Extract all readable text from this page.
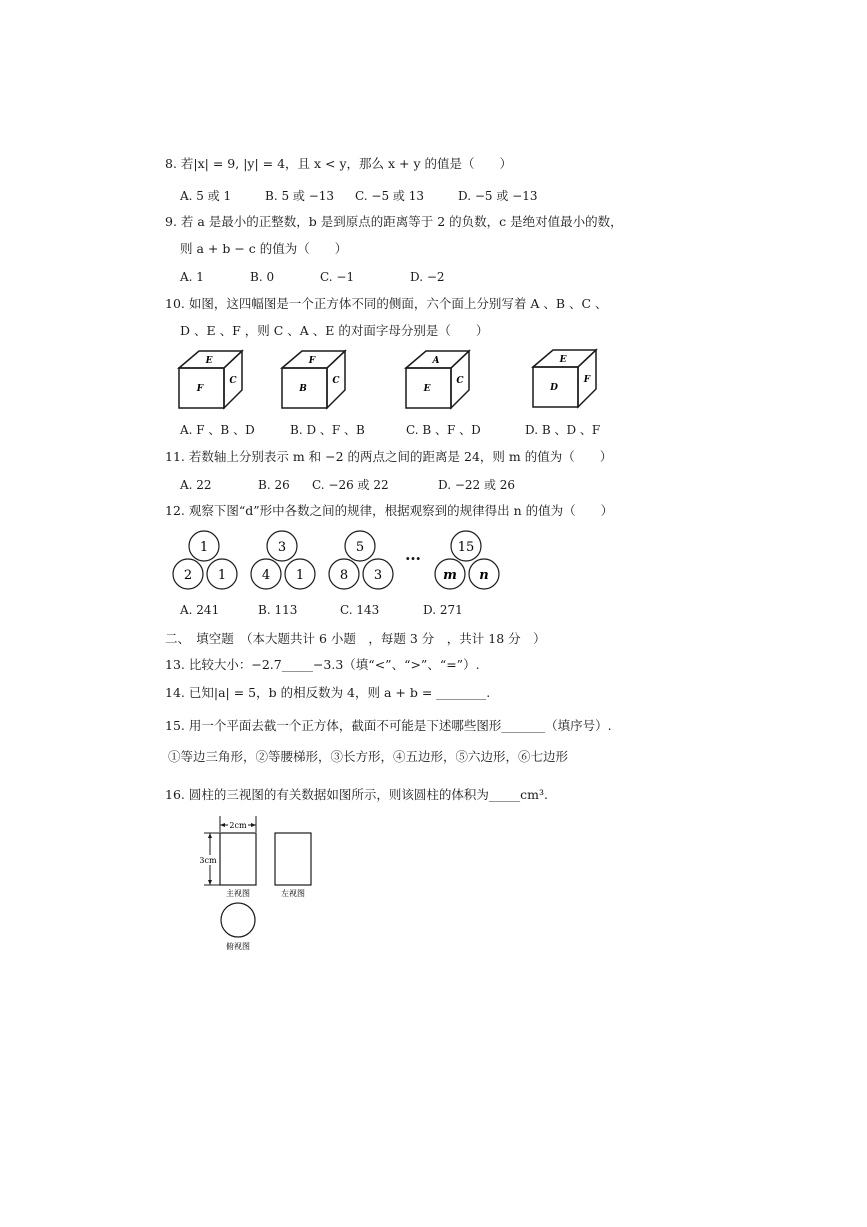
8. 若|x| = 9, |y| = 4，且 x < y，那么 x + y 的值是（　　）
A. 5 或 1	B. 5 或 −13 C. −5 或 13	D. −5 或 −13
9. 若 a 是最小的正整数，b 是到原点的距离等于 2 的负数，c 是绝对值最小的数，
则 a + b − c 的值为（　　）
A. 1	B. 0	C. −1	D. −2
10. 如图，这四幅图是一个正方体不同的侧面，六个面上分别写着 A 、B 、C 、
D 、E 、F ，则 C 、A 、E 的对面字母分别是（　　）
E
F
C
F
B
C
A
E
C
E
D
F
A. F 、B 、D	B. D 、F 、B	C. B 、F 、D	D. B 、D 、F
11. 若数轴上分别表示 m 和 −2 的两点之间的距离是 24，则 m 的值为（　　）
A. 22	B. 26 C. −26 或 22	D. −22 或 26
12. 观察下图“d”形中各数之间的规律，根据观察到的规律得出 n 的值为（　　）
1
2 1
3
4 1
5
8 3
…	15
m n
A. 241	B. 113	C. 143	D. 271
二、　填空题　（本大题共计 6 小题　，每题 3 分　，共计 18 分　）
13. 比较大小：−2.7_____−3.3（填“<”、“>”、“=”）.
14. 已知|a| = 5，b 的相反数为 4，则 a + b = ________.
15. 用一个平面去截一个正方体，截面不可能是下述哪些图形_______（填序号）.
①等边三角形，②等腰梯形，③长方形，④五边形，⑤六边形，⑥七边形
16. 圆柱的三视图的有关数据如图所示，则该圆柱的体积为_____cm³.
2cm
3cm
主视图	左视图
俯视图
